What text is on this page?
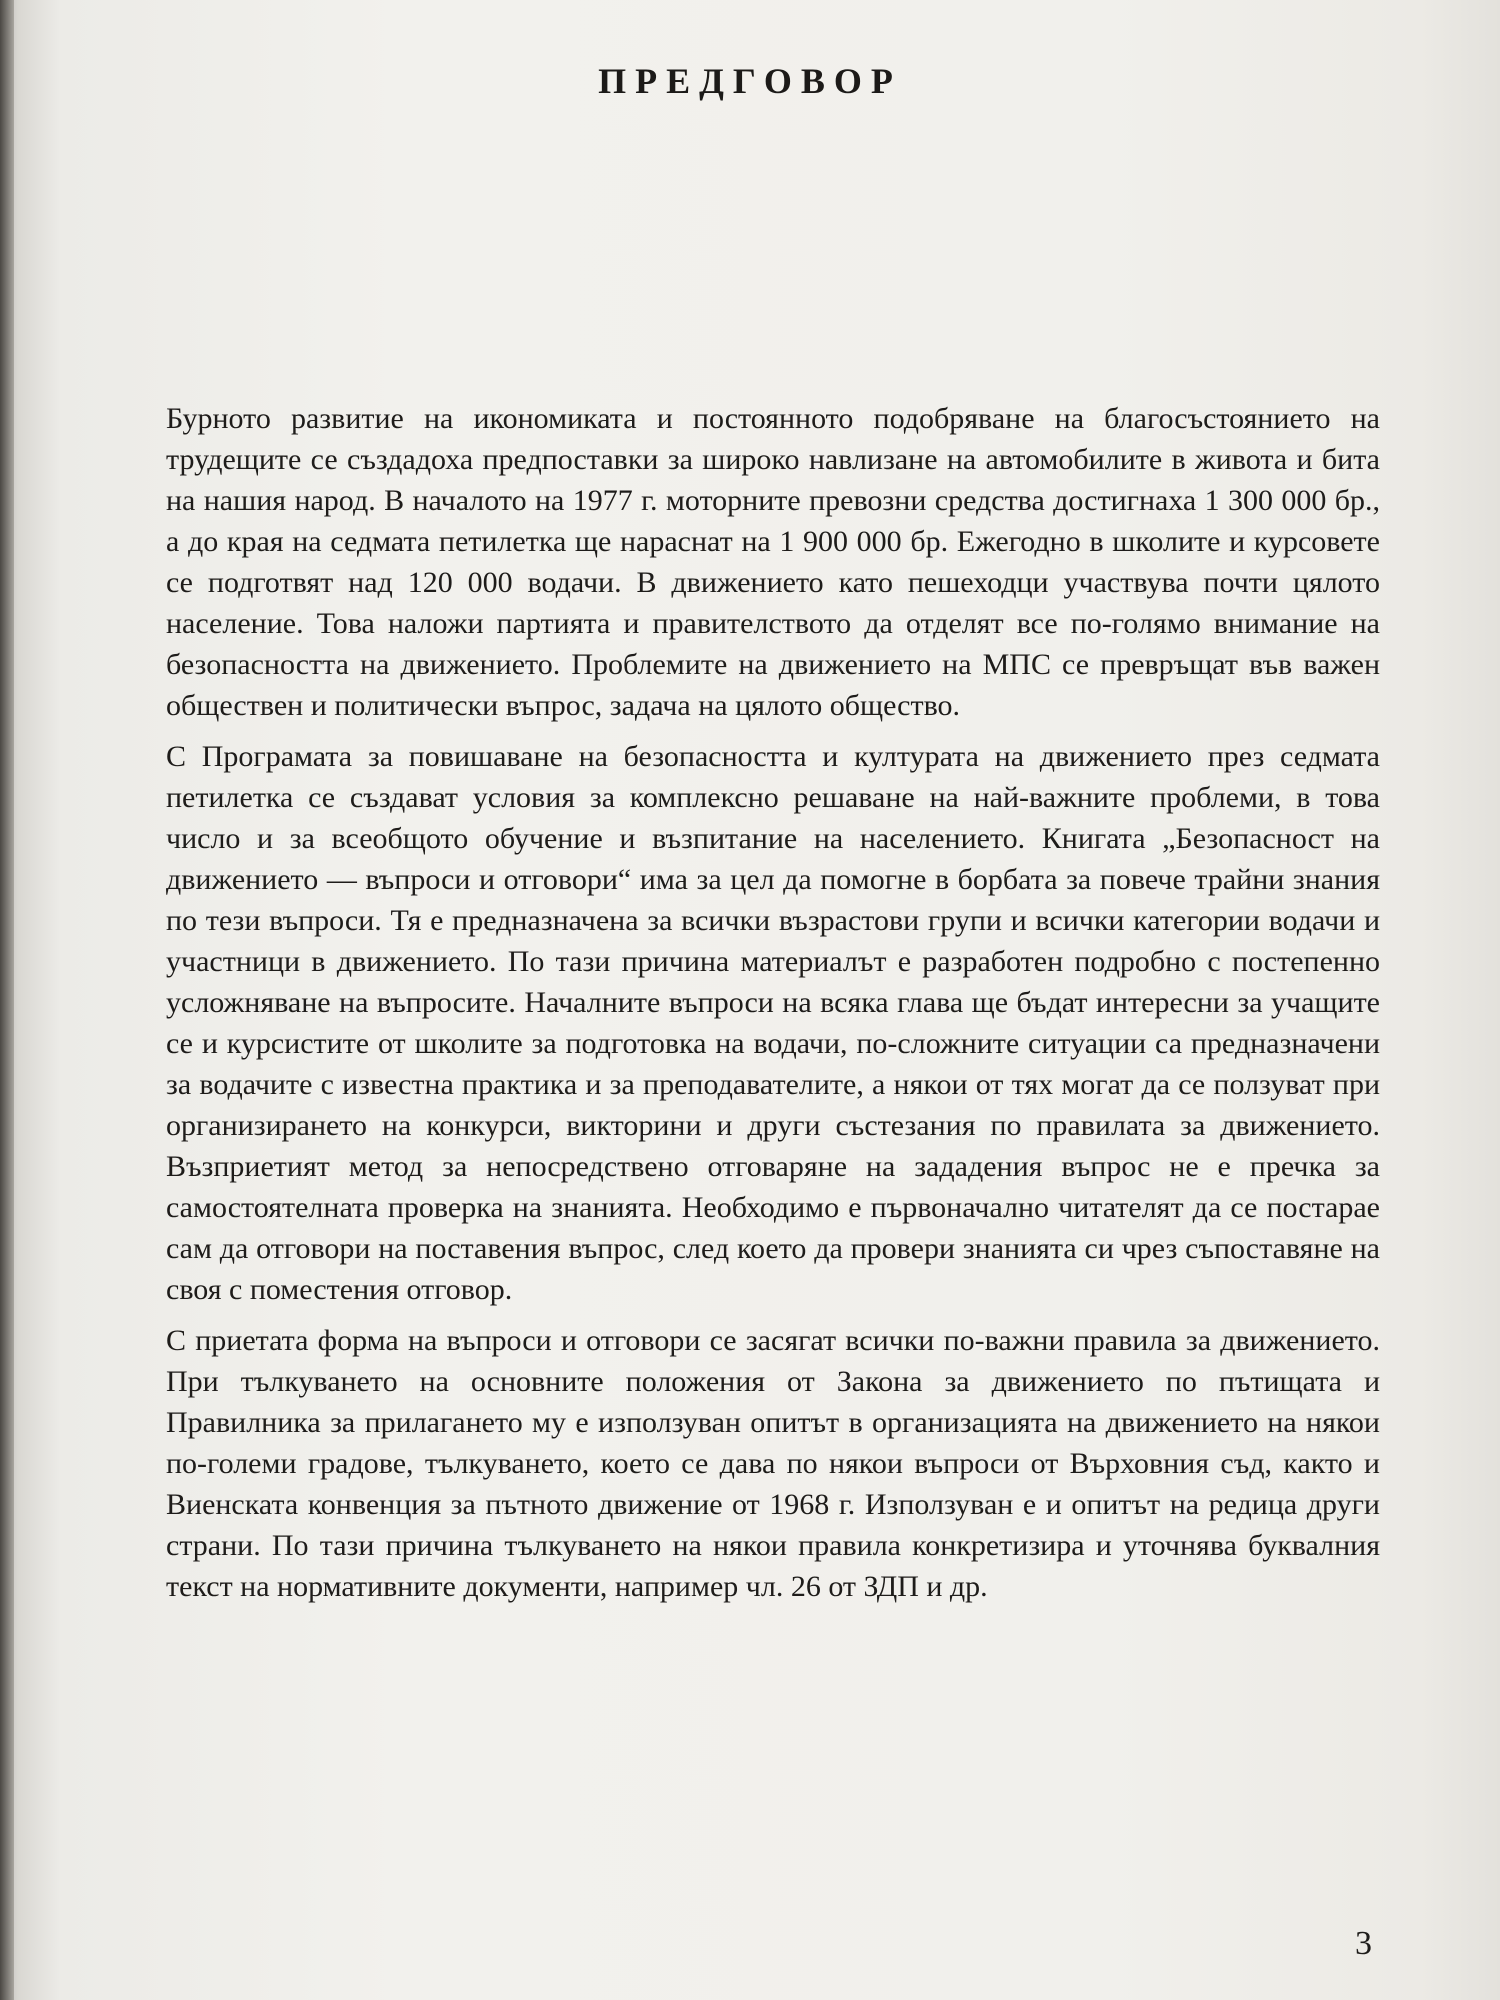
ПРЕДГОВОР

Бурното развитие на икономиката и постоянното подобряване на благосъстоянието на трудещите се създадоха предпоставки за широко навлизане на автомобилите в живота и бита на нашия народ. В началото на 1977 г. моторните превозни средства достигнаха 1 300 000 бр., а до края на седмата петилетка ще нараснат на 1 900 000 бр. Ежегодно в школите и курсовете се подготвят над 120 000 водачи. В движението като пешеходци участвува почти цялото население. Това наложи партията и правителството да отделят все по-голямо внимание на безопасността на движението. Проблемите на движението на МПС се превръщат във важен обществен и политически въпрос, задача на цялото общество.

С Програмата за повишаване на безопасността и културата на движението през седмата петилетка се създават условия за комплексно решаване на най-важните проблеми, в това число и за всеобщото обучение и възпитание на населението. Книгата „Безопасност на движението — въпроси и отговори“ има за цел да помогне в борбата за повече трайни знания по тези въпроси. Тя е предназначена за всички възрастови групи и всички категории водачи и участници в движението. По тази причина материалът е разработен подробно с постепенно усложняване на въпросите. Началните въпроси на всяка глава ще бъдат интересни за учащите се и курсистите от школите за подготовка на водачи, по-сложните ситуации са предназначени за водачите с известна практика и за преподавателите, а някои от тях могат да се ползуват при организирането на конкурси, викторини и други състезания по правилата за движението. Възприетият метод за непосредствено отговаряне на зададения въпрос не е пречка за самостоятелната проверка на знанията. Необходимо е първоначално читателят да се постарае сам да отговори на поставения въпрос, след което да провери знанията си чрез съпоставяне на своя с поместения отговор.

С приетата форма на въпроси и отговори се засягат всички по-важни правила за движението. При тълкуването на основните положения от Закона за движението по пътищата и Правилника за прилагането му е използуван опитът в организацията на движението на някои по-големи градове, тълкуването, което се дава по някои въпроси от Върховния съд, както и Виенската конвенция за пътното движение от 1968 г. Използуван е и опитът на редица други страни. По тази причина тълкуването на някои правила конкретизира и уточнява буквалния текст на нормативните документи, например чл. 26 от ЗДП и др.

3
